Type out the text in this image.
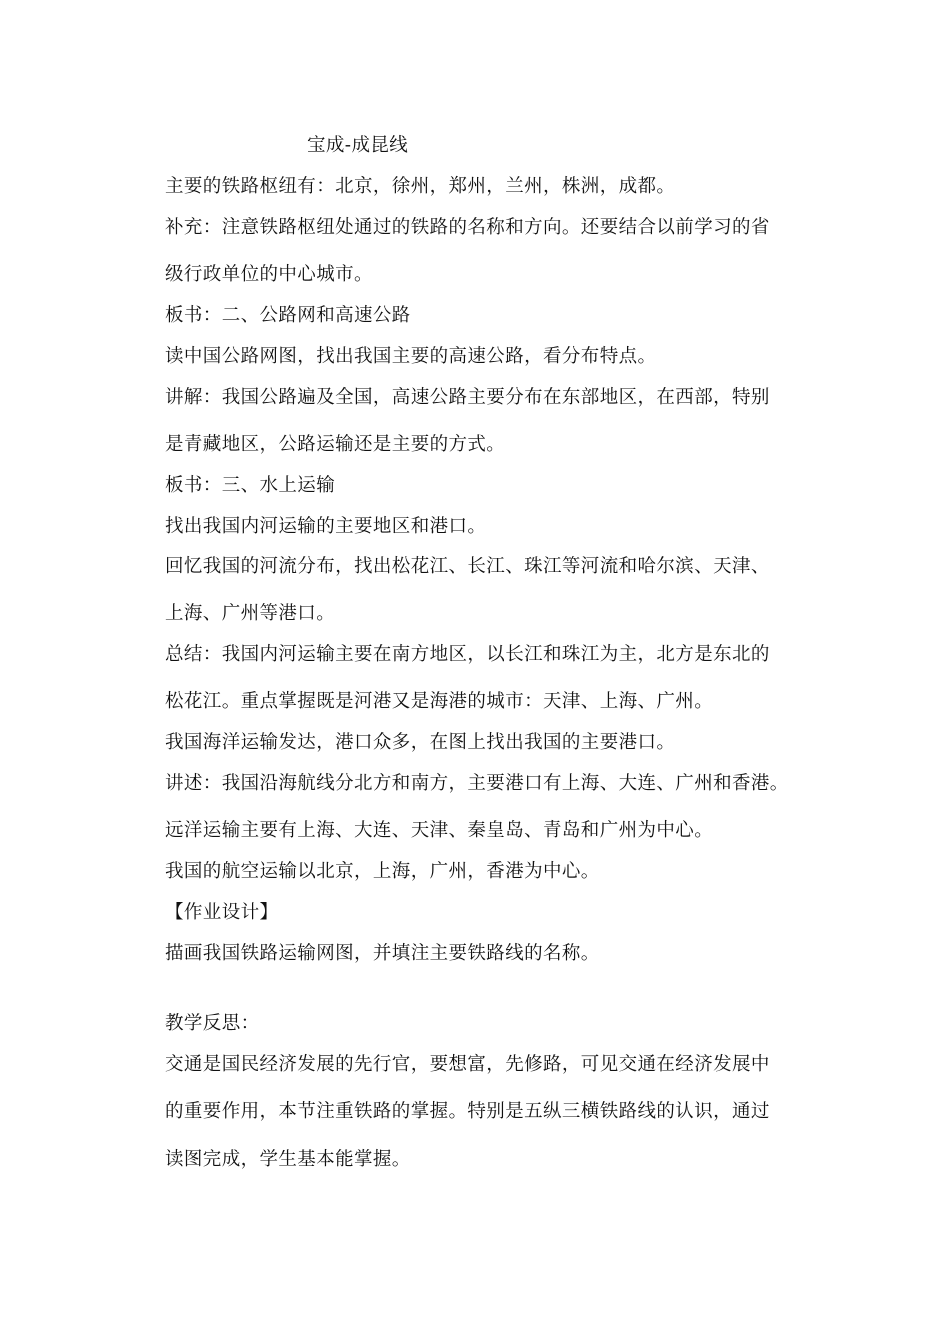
宝成-成昆线
主要的铁路枢纽有：北京，徐州，郑州，兰州，株洲，成都。
补充：注意铁路枢纽处通过的铁路的名称和方向。还要结合以前学习的省
级行政单位的中心城市。
板书：二、公路网和高速公路
读中国公路网图，找出我国主要的高速公路，看分布特点。
讲解：我国公路遍及全国，高速公路主要分布在东部地区，在西部，特别
是青藏地区，公路运输还是主要的方式。
板书：三、水上运输
找出我国内河运输的主要地区和港口。
回忆我国的河流分布，找出松花江、长江、珠江等河流和哈尔滨、天津、
上海、广州等港口。
总结：我国内河运输主要在南方地区，以长江和珠江为主，北方是东北的
松花江。重点掌握既是河港又是海港的城市：天津、上海、广州。
我国海洋运输发达，港口众多，在图上找出我国的主要港口。
讲述：我国沿海航线分北方和南方，主要港口有上海、大连、广州和香港。
远洋运输主要有上海、大连、天津、秦皇岛、青岛和广州为中心。
我国的航空运输以北京，上海，广州，香港为中心。
【作业设计】
描画我国铁路运输网图，并填注主要铁路线的名称。
教学反思：
交通是国民经济发展的先行官，要想富，先修路，可见交通在经济发展中
的重要作用，本节注重铁路的掌握。特别是五纵三横铁路线的认识，通过
读图完成，学生基本能掌握。
